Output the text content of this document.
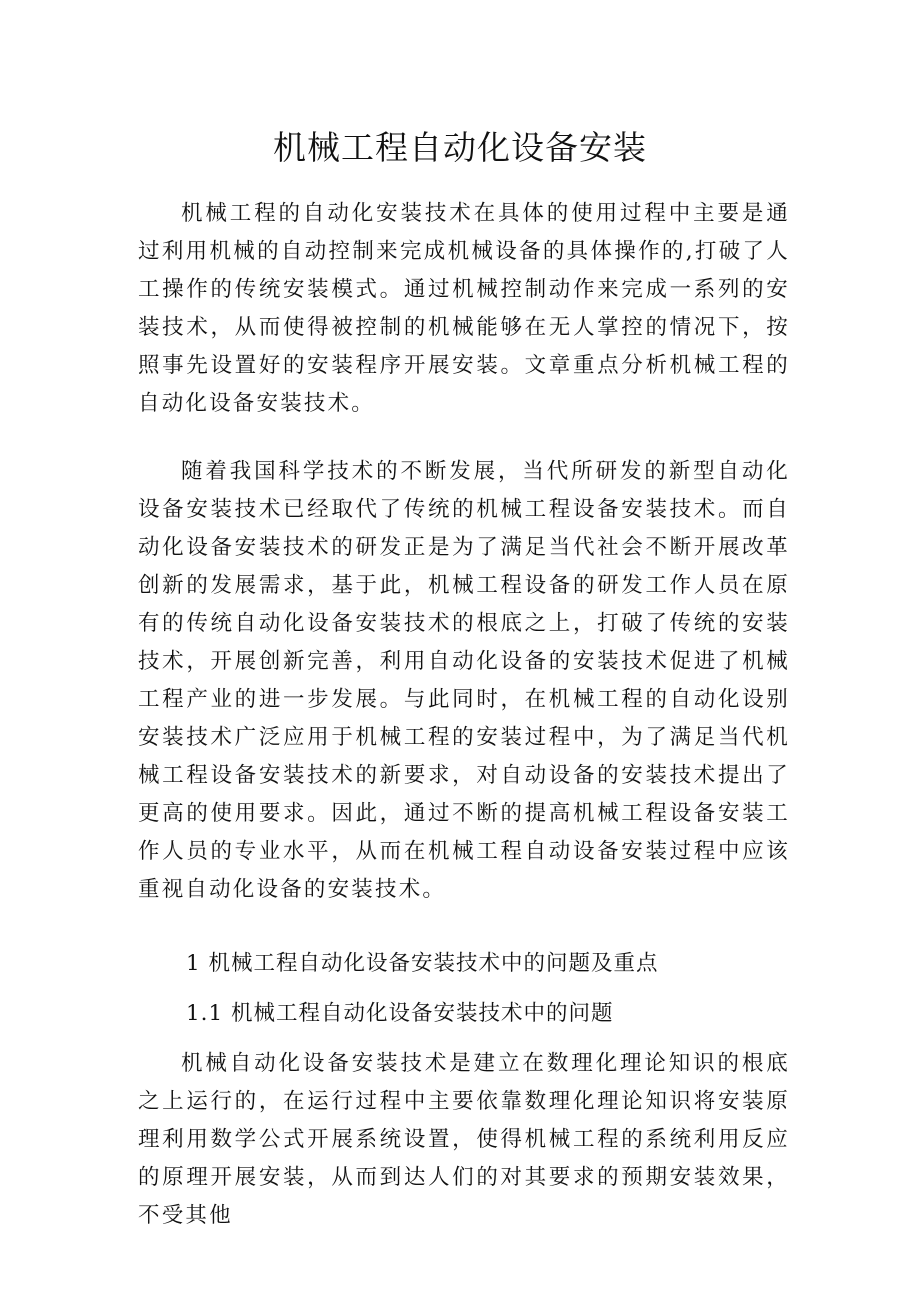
机械工程自动化设备安装

机械工程的自动化安装技术在具体的使用过程中主要是通过利用机械的自动控制来完成机械设备的具体操作的,打破了人工操作的传统安装模式。通过机械控制动作来完成一系列的安装技术，从而使得被控制的机械能够在无人掌控的情况下，按照事先设置好的安装程序开展安装。文章重点分析机械工程的自动化设备安装技术。

随着我国科学技术的不断发展，当代所研发的新型自动化设备安装技术已经取代了传统的机械工程设备安装技术。而自动化设备安装技术的研发正是为了满足当代社会不断开展改革创新的发展需求，基于此，机械工程设备的研发工作人员在原有的传统自动化设备安装技术的根底之上，打破了传统的安装技术，开展创新完善，利用自动化设备的安装技术促进了机械工程产业的进一步发展。与此同时，在机械工程的自动化设别安装技术广泛应用于机械工程的安装过程中，为了满足当代机械工程设备安装技术的新要求，对自动设备的安装技术提出了更高的使用要求。因此，通过不断的提高机械工程设备安装工作人员的专业水平，从而在机械工程自动设备安装过程中应该重视自动化设备的安装技术。

1 机械工程自动化设备安装技术中的问题及重点

1.1 机械工程自动化设备安装技术中的问题

机械自动化设备安装技术是建立在数理化理论知识的根底之上运行的，在运行过程中主要依靠数理化理论知识将安装原理利用数学公式开展系统设置，使得机械工程的系统利用反应的原理开展安装，从而到达人们的对其要求的预期安装效果，不受其他
